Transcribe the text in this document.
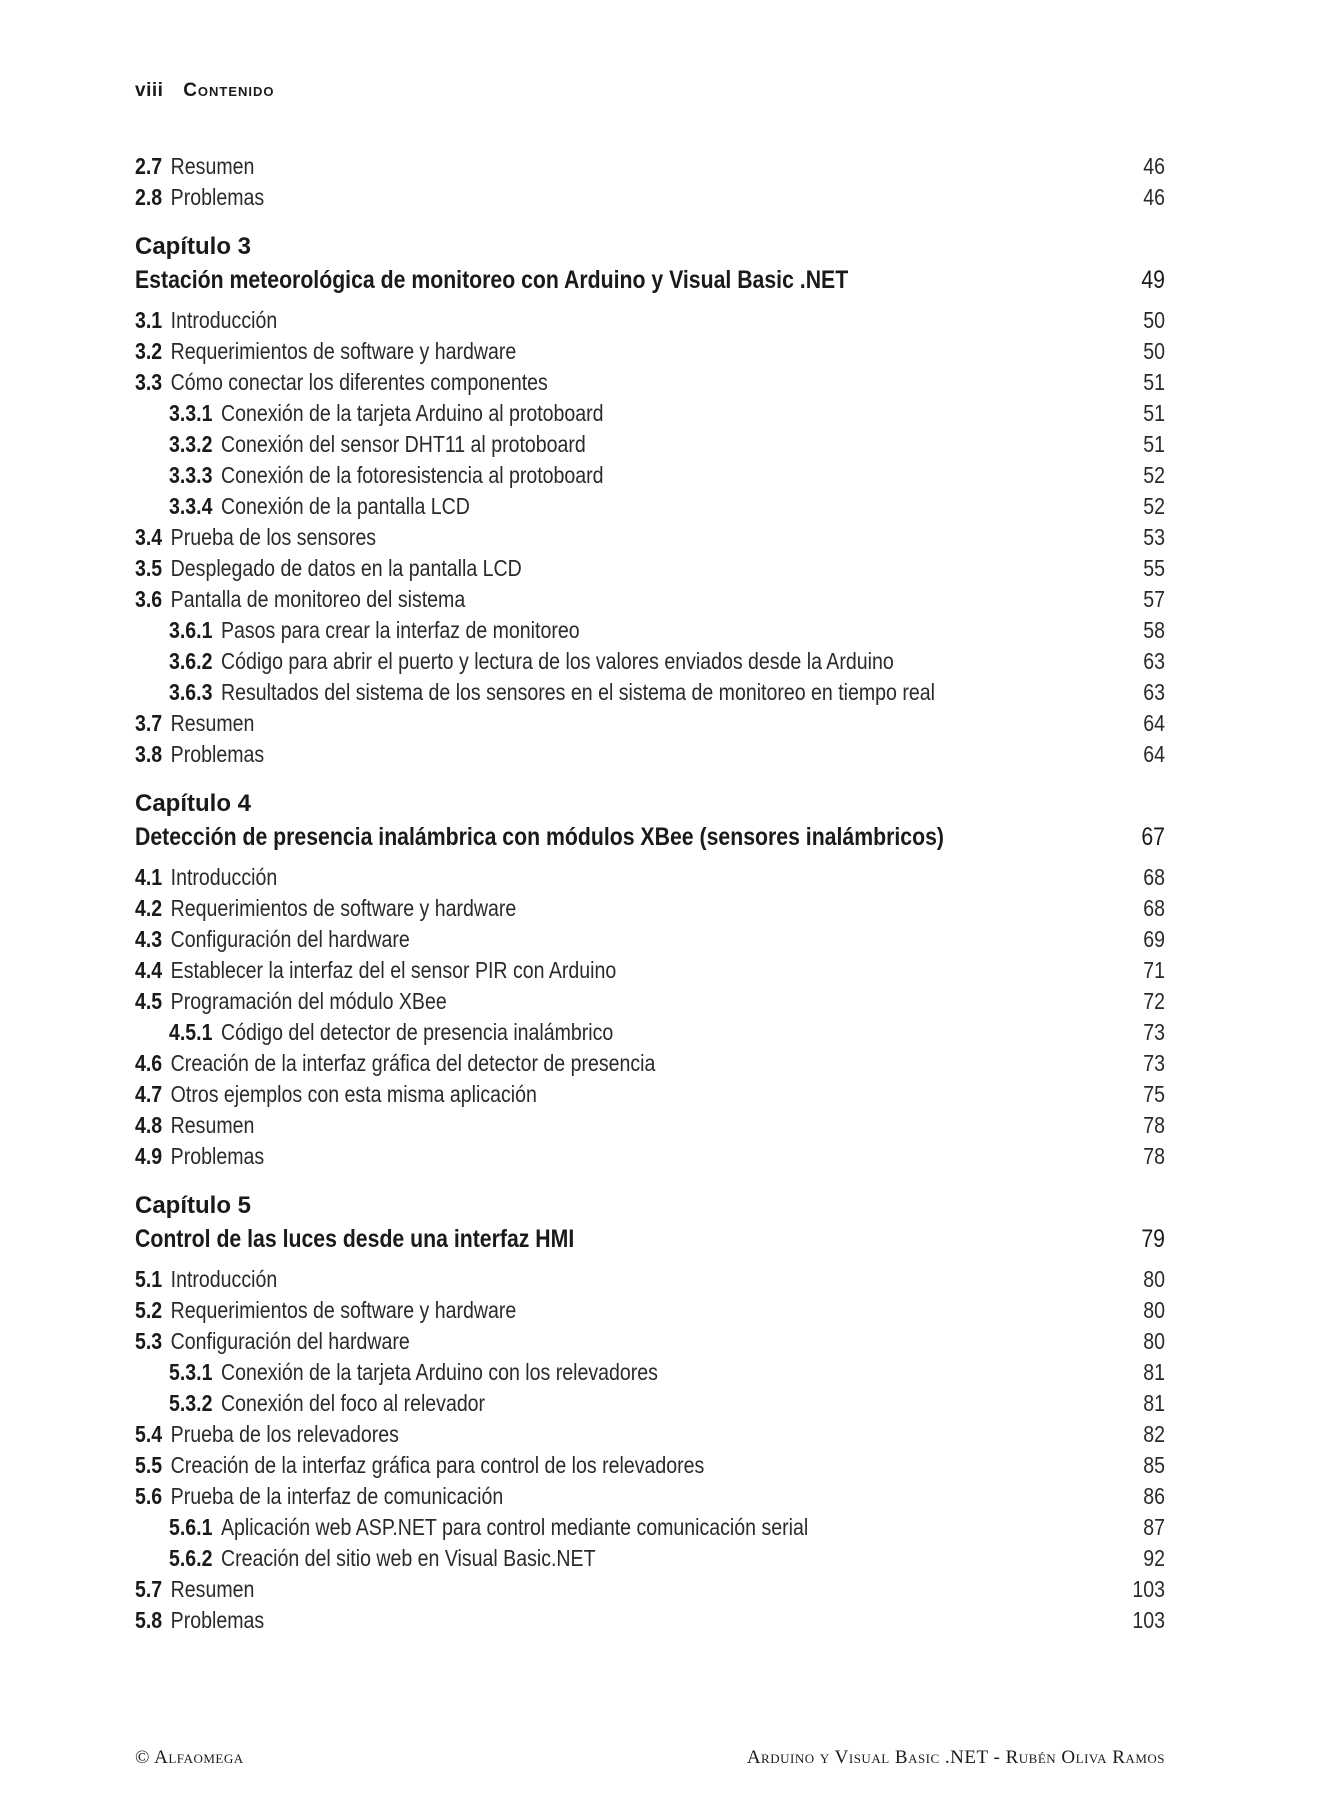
viii Contenido
2.7 Resumen	46
2.8 Problemas	46
Capítulo 3
Estación meteorológica de monitoreo con Arduino y Visual Basic .NET	49
3.1 Introducción	50
3.2 Requerimientos de software y hardware	50
3.3 Cómo conectar los diferentes componentes	51
3.3.1 Conexión de la tarjeta Arduino al protoboard	51
3.3.2 Conexión del sensor DHT11 al protoboard	51
3.3.3 Conexión de la fotoresistencia al protoboard	52
3.3.4 Conexión de la pantalla LCD	52
3.4 Prueba de los sensores	53
3.5 Desplegado de datos en la pantalla LCD	55
3.6 Pantalla de monitoreo del sistema	57
3.6.1 Pasos para crear la interfaz de monitoreo	58
3.6.2 Código para abrir el puerto y lectura de los valores enviados desde la Arduino	63
3.6.3 Resultados del sistema de los sensores en el sistema de monitoreo en tiempo real	63
3.7 Resumen	64
3.8 Problemas	64
Capítulo 4
Detección de presencia inalámbrica con módulos XBee (sensores inalámbricos)	67
4.1 Introducción	68
4.2 Requerimientos de software y hardware	68
4.3 Configuración del hardware	69
4.4 Establecer la interfaz del el sensor PIR con Arduino	71
4.5 Programación del módulo XBee	72
4.5.1 Código del detector de presencia inalámbrico	73
4.6 Creación de la interfaz gráfica del detector de presencia	73
4.7 Otros ejemplos con esta misma aplicación	75
4.8 Resumen	78
4.9 Problemas	78
Capítulo 5
Control de las luces desde una interfaz HMI	79
5.1 Introducción	80
5.2 Requerimientos de software y hardware	80
5.3 Configuración del hardware	80
5.3.1 Conexión de la tarjeta Arduino con los relevadores	81
5.3.2 Conexión del foco al relevador	81
5.4 Prueba de los relevadores	82
5.5 Creación de la interfaz gráfica para control de los relevadores	85
5.6 Prueba de la interfaz de comunicación	86
5.6.1 Aplicación web ASP.NET para control mediante comunicación serial	87
5.6.2 Creación del sitio web en Visual Basic.NET	92
5.7 Resumen	103
5.8 Problemas	103
© Alfaomega	Arduino y Visual Basic .NET - Rubén Oliva Ramos
